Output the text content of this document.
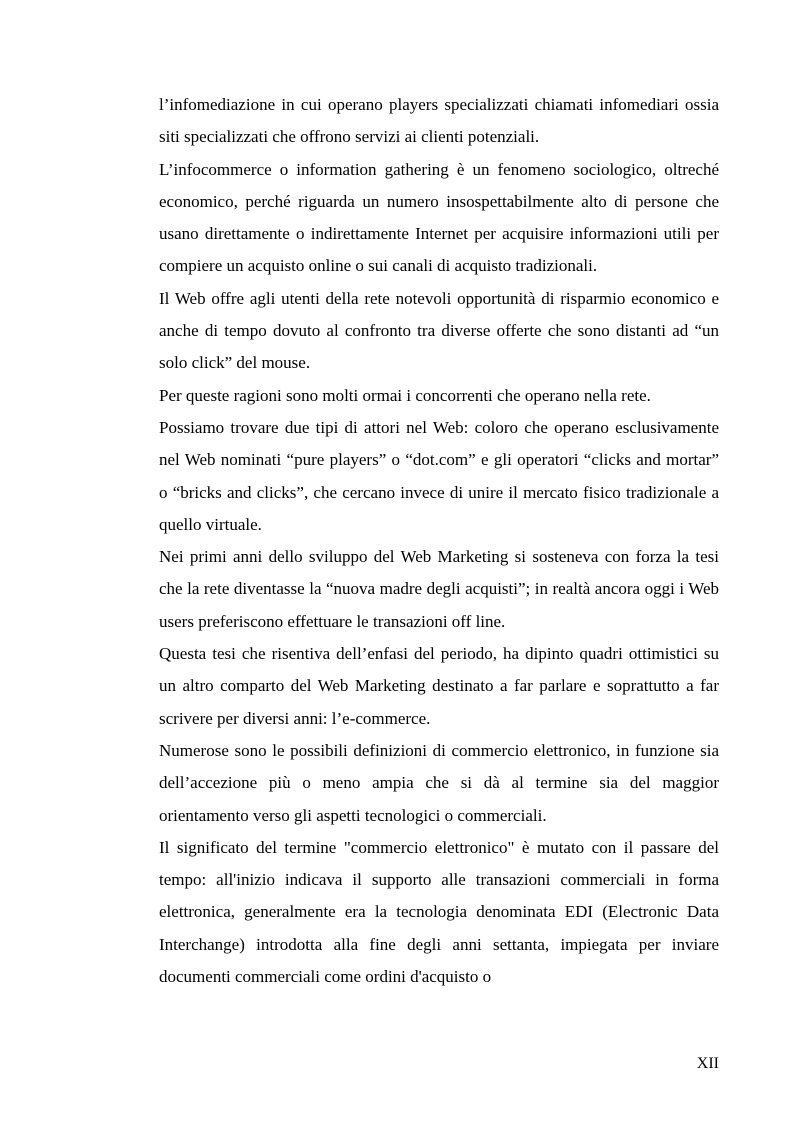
l’infomediazione in cui operano players specializzati chiamati infomediari ossia siti specializzati che offrono servizi ai clienti potenziali.

L’infocommerce o information gathering è un fenomeno sociologico, oltreché economico, perché riguarda un numero insospettabilmente alto di persone che usano direttamente o indirettamente Internet per acquisire informazioni utili per compiere un acquisto online o sui canali di acquisto tradizionali.

Il Web offre agli utenti della rete notevoli opportunità di risparmio economico e anche di tempo dovuto al confronto tra diverse offerte che sono distanti ad “un solo click” del mouse.

Per queste ragioni sono molti ormai i concorrenti che operano nella rete.

Possiamo trovare due tipi di attori nel Web: coloro che operano esclusivamente nel Web nominati “pure players” o “dot.com” e gli operatori “clicks and mortar” o “bricks and clicks”, che cercano invece di unire il mercato fisico tradizionale a quello virtuale.

Nei primi anni dello sviluppo del Web Marketing si sosteneva con forza la tesi che la rete diventasse la “nuova madre degli acquisti”; in realtà ancora oggi i Web users preferiscono effettuare le transazioni off line.

Questa tesi che risentiva dell’enfasi del periodo, ha dipinto quadri ottimistici su un altro comparto del Web Marketing destinato a far parlare e soprattutto a far scrivere per diversi anni: l’e-commerce.

Numerose sono le possibili definizioni di commercio elettronico, in funzione sia dell’accezione più o meno ampia che si dà al termine sia del maggior orientamento verso gli aspetti tecnologici o commerciali.

Il significato del termine "commercio elettronico" è mutato con il passare del tempo: all'inizio indicava il supporto alle transazioni commerciali in forma elettronica, generalmente era la tecnologia denominata EDI (Electronic Data Interchange) introdotta alla fine degli anni settanta, impiegata per inviare documenti commerciali come ordini d'acquisto o

XII
